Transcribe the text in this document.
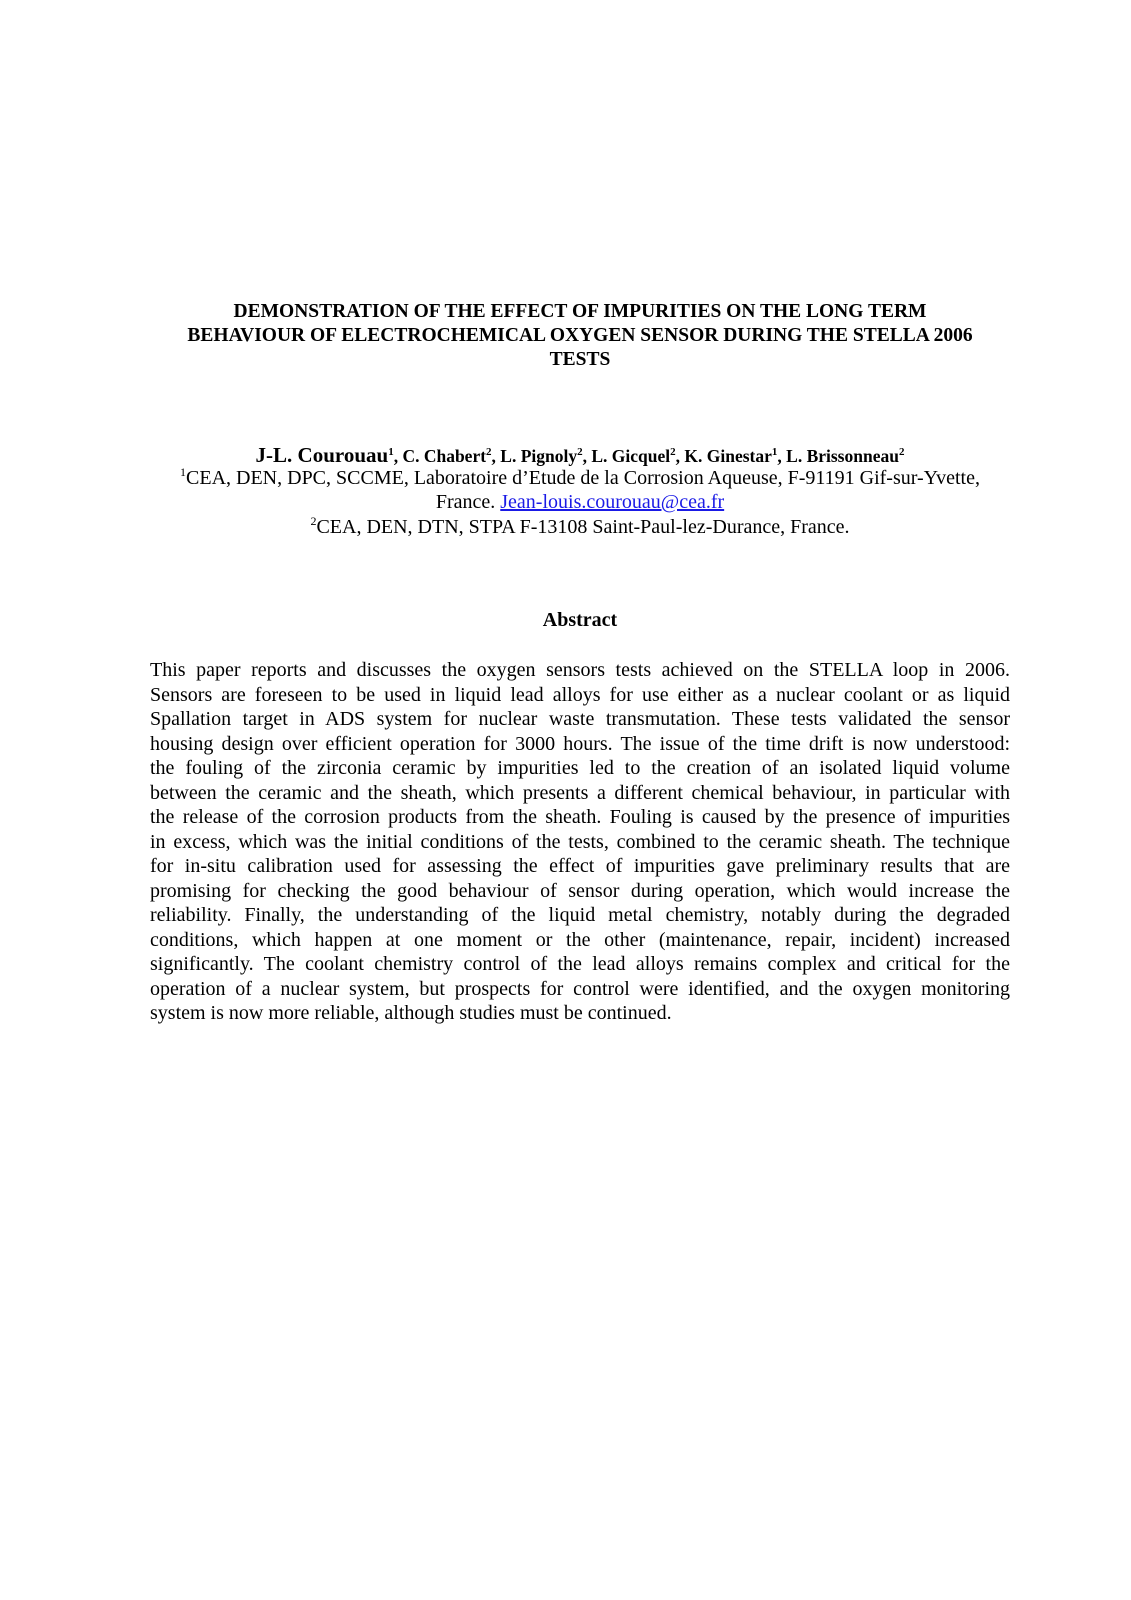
DEMONSTRATION OF THE EFFECT OF IMPURITIES ON THE LONG TERM
BEHAVIOUR OF ELECTROCHEMICAL OXYGEN SENSOR DURING THE STELLA 2006
TESTS
J-L. Courouau$^1$, C. Chabert$^2$, L. Pignoly$^2$, L. Gicquel$^2$, K. Ginestar$^1$, L. Brissonneau$^2$
$^1$CEA, DEN, DPC, SCCME, Laboratoire d’Etude de la Corrosion Aqueuse, F-91191 Gif-sur-Yvette,
France. Jean-louis.courouau@cea.fr
$^2$CEA, DEN, DTN, STPA F-13108 Saint-Paul-lez-Durance, France.
Abstract
This paper reports and discusses the oxygen sensors tests achieved on the STELLA loop in 2006.
Sensors are foreseen to be used in liquid lead alloys for use either as a nuclear coolant or as liquid
Spallation target in ADS system for nuclear waste transmutation. These tests validated the sensor
housing design over efficient operation for 3000 hours. The issue of the time drift is now understood:
the fouling of the zirconia ceramic by impurities led to the creation of an isolated liquid volume
between the ceramic and the sheath, which presents a different chemical behaviour, in particular with
the release of the corrosion products from the sheath. Fouling is caused by the presence of impurities
in excess, which was the initial conditions of the tests, combined to the ceramic sheath. The technique
for in-situ calibration used for assessing the effect of impurities gave preliminary results that are
promising for checking the good behaviour of sensor during operation, which would increase the
reliability. Finally, the understanding of the liquid metal chemistry, notably during the degraded
conditions, which happen at one moment or the other (maintenance, repair, incident) increased
significantly. The coolant chemistry control of the lead alloys remains complex and critical for the
operation of a nuclear system, but prospects for control were identified, and the oxygen monitoring
system is now more reliable, although studies must be continued.
